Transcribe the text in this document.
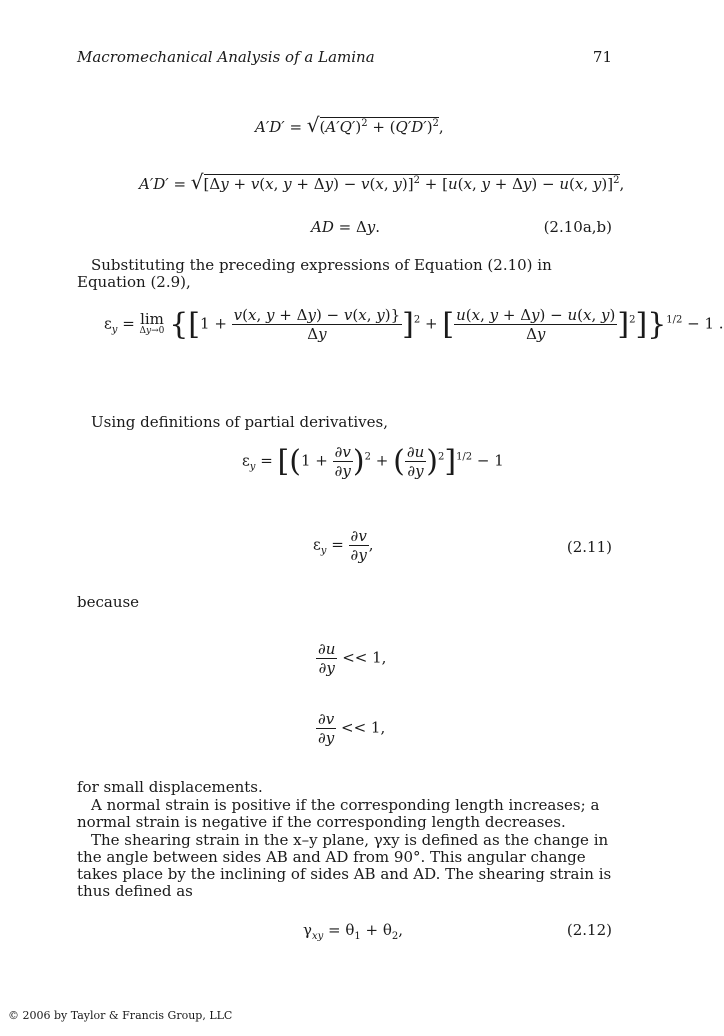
Macromechanical Analysis of a Lamina	71
$A'D' = √(A'Q')^2 + (Q'D')^2$,
A′D′ = √[Δy + v(x, y + Δy) − v(x, y)]$^2$ + [u(x, y + Δy) − u(x, y)]$^2$,
AD = Δy.	(2.10a,b)
Substituting the preceding expressions of Equation (2.10) in Equation (2.9),
$\varepsilon_y = \lim$
Δy→0 {$[1 + \frac{v(x, y + \Delta y) - v(x, y)\}}{\Delta y} ]^2$ + [ $\frac{u(x, y + \Delta y) - u(x, y)}{\Delta y} ]^2]\}^{1/2} - 1$ .
Using definitions of partial derivatives,
$\varepsilon_y = [(1 + \frac{\partial v}{\partial y} )^2$ + ( $\frac{\partial u}{\partial y} )^2]^{1/2} - 1$
$\varepsilon_y = \frac{\partial v}{\partial y}$ ,	(2.11)
because
$\frac{\partial u}{\partial y} << 1$,
$\frac{\partial v}{\partial y} << 1$,
for small displacements.
A normal strain is positive if the corresponding length increases; a normal strain is negative if the corresponding length decreases.
The shearing strain in the x–y plane, γxy is defined as the change in the angle between sides AB and AD from 90°. This angular change takes place by the inclining of sides AB and AD. The shearing strain is thus defined as
$\gamma_{xy} = \theta_1 + \theta_2$,	(2.12)
© 2006 by Taylor & Francis Group, LLC
